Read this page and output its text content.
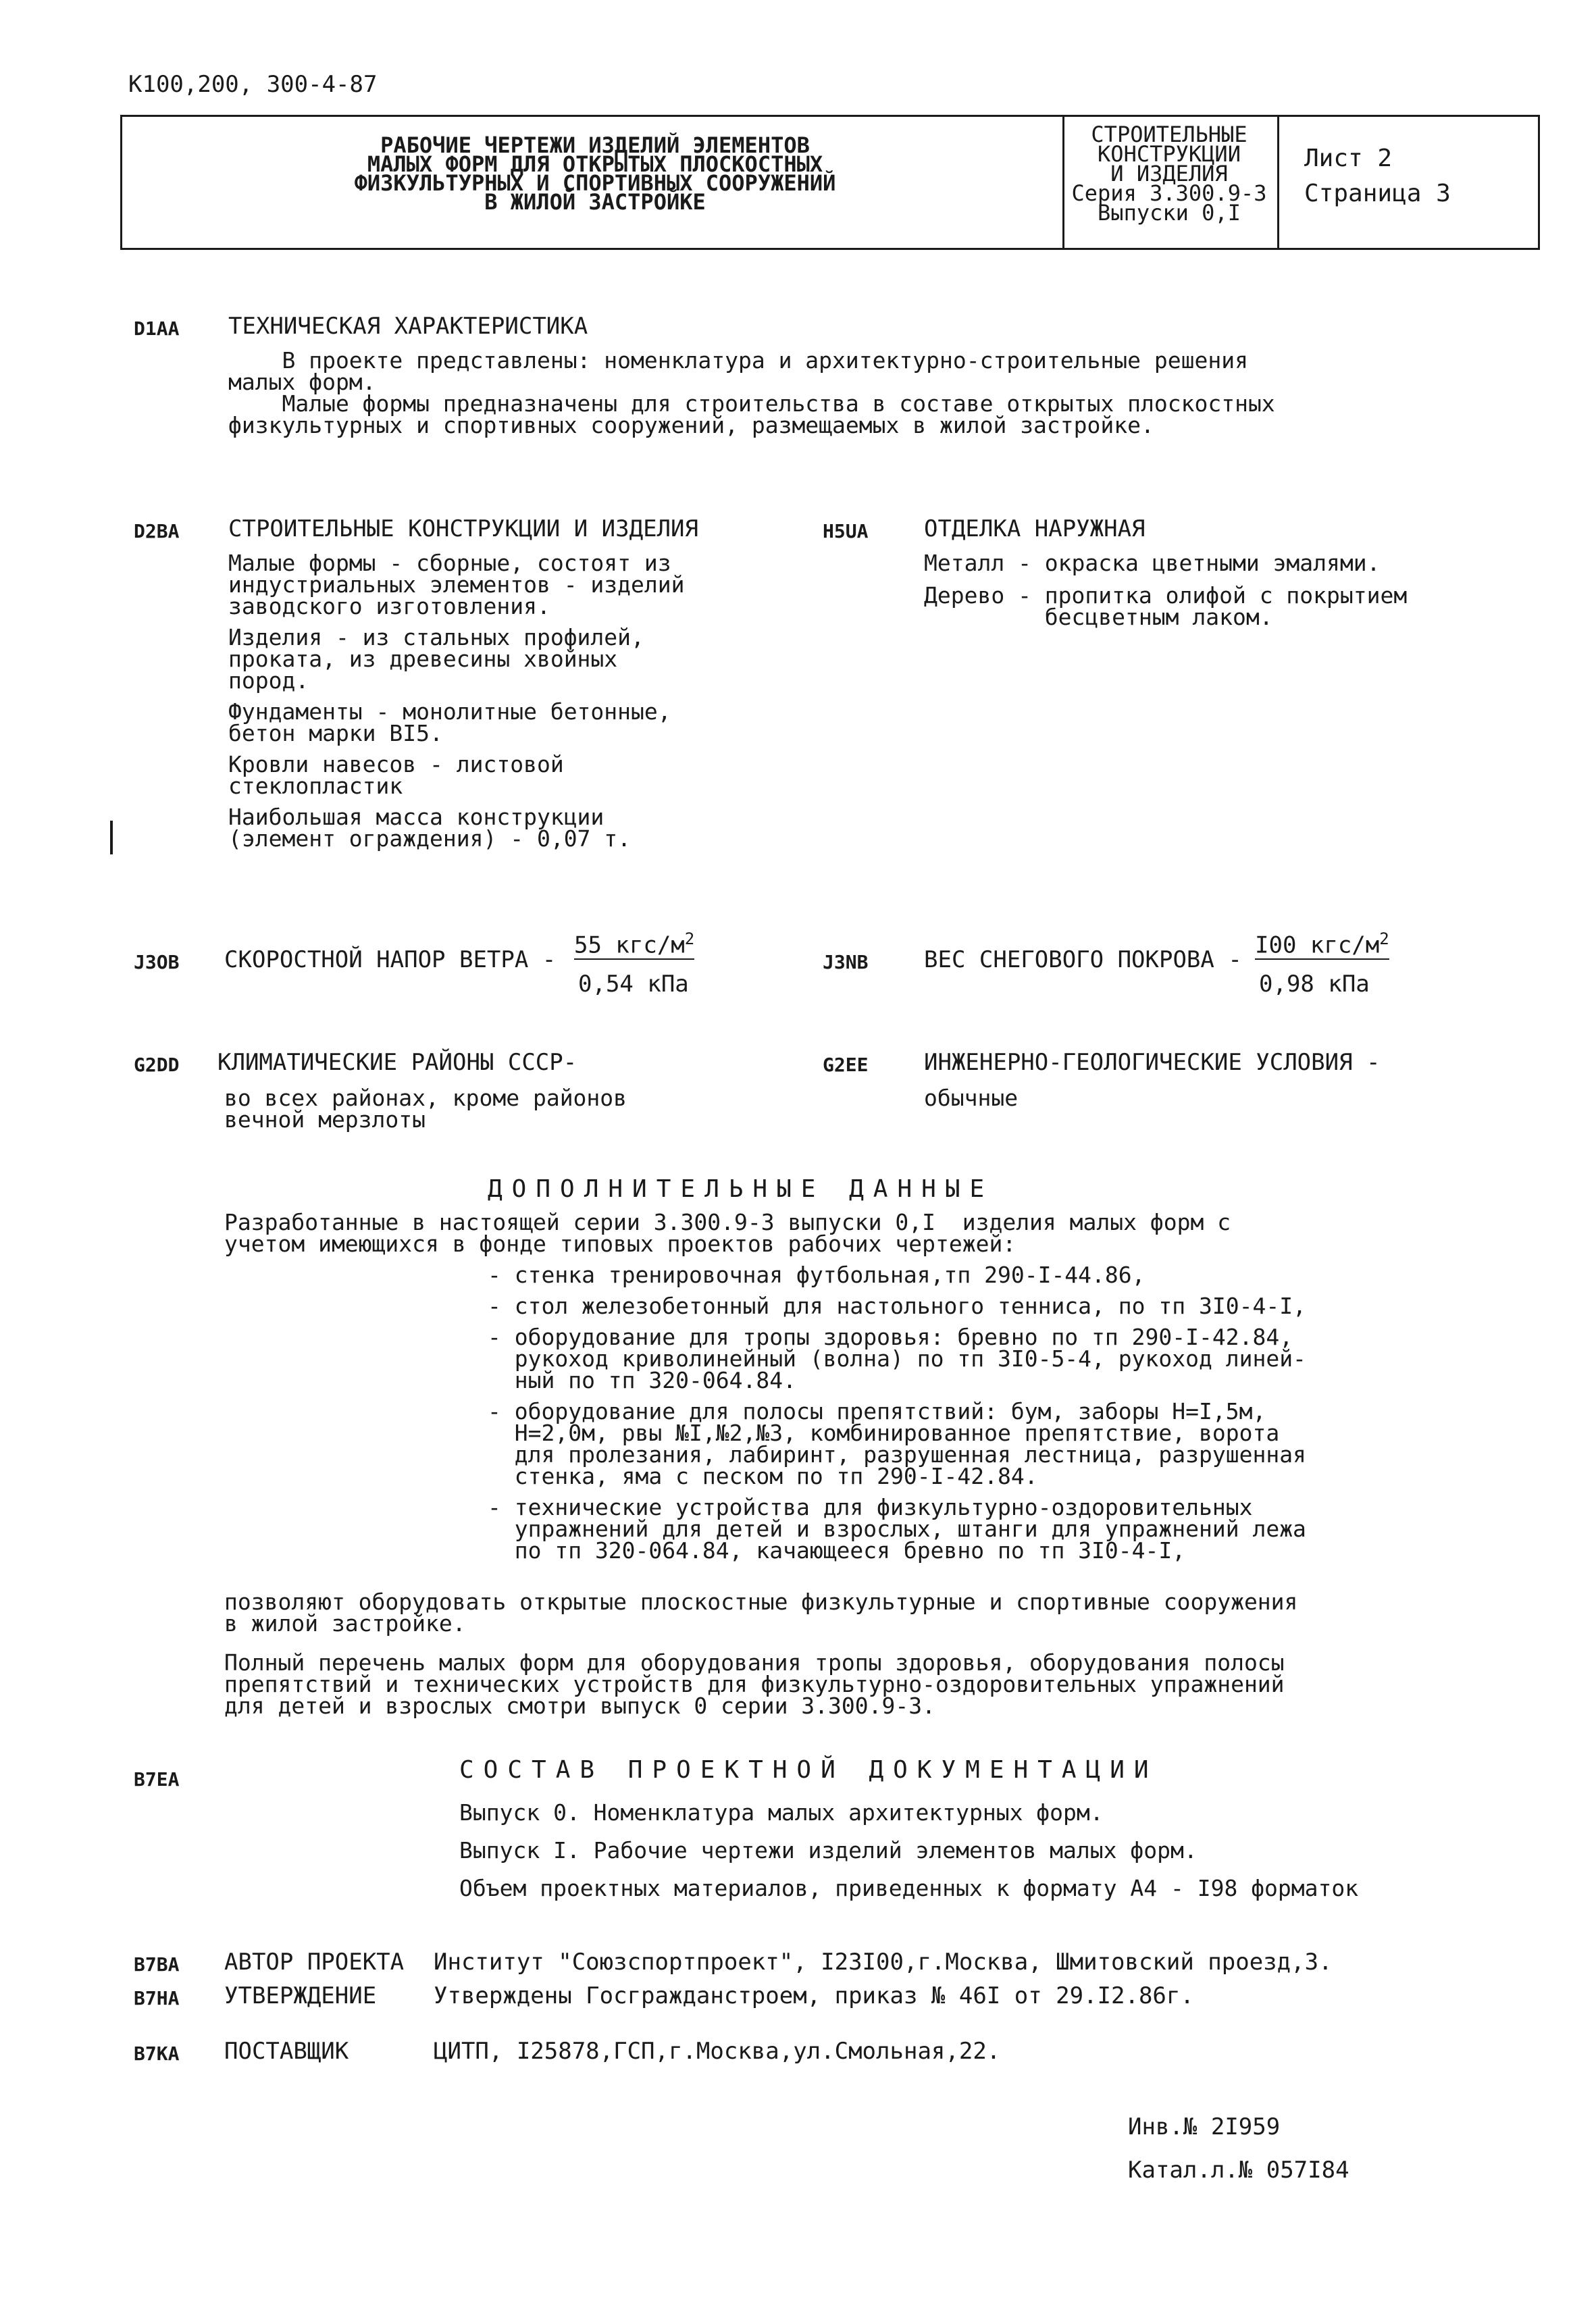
К100,200, 300-4-87
РАБОЧИЕ ЧЕРТЕЖИ ИЗДЕЛИЙ ЭЛЕМЕНТОВ
МАЛЫХ ФОРМ ДЛЯ ОТКРЫТЫХ ПЛОСКОСТНЫХ
ФИЗКУЛЬТУРНЫХ И СПОРТИВНЫХ СООРУЖЕНИЙ
В ЖИЛОЙ ЗАСТРОЙКЕ
СТРОИТЕЛЬНЫЕ
КОНСТРУКЦИИ
И ИЗДЕЛИЯ
Серия 3.300.9-3
Выпуски 0,I
Лист 2
Страница 3
D1AA ТЕХНИЧЕСКАЯ ХАРАКТЕРИСТИКА
В проекте представлены: номенклатура и архитектурно-строительные решения
малых форм.
Малые формы предназначены для строительства в составе открытых плоскостных
физкультурных и спортивных сооружений, размещаемых в жилой застройке.
D2BA СТРОИТЕЛЬНЫЕ КОНСТРУКЦИИ И ИЗДЕЛИЯ
Малые формы - сборные, состоят из
индустриальных элементов - изделий
заводского изготовления.
Изделия - из стальных профилей,
проката, из древесины хвойных
пород.
Фундаменты - монолитные бетонные,
бетон марки BI5.
Кровли навесов - листовой
стеклопластик
Наибольшая масса конструкции
(элемент ограждения) - 0,07 т.
H5UA ОТДЕЛКА НАРУЖНАЯ
Металл - окраска цветными эмалями.
Дерево - пропитка олифой с покрытием
бесцветным лаком.
J3OB СКОРОСТНОЙ НАПОР ВЕТРА -
55 кгс/$м^2$
0,54 кПа
J3NB ВЕС СНЕГОВОГО ПОКРОВА -
I00 кгс/$м^2$
0,98 кПа
G2DD КЛИМАТИЧЕСКИЕ РАЙОНЫ СССР-
во всех районах, кроме районов
вечной мерзлоты
G2EE ИНЖЕНЕРНО-ГЕОЛОГИЧЕСКИЕ УСЛОВИЯ -
обычные
ДОПОЛНИТЕЛЬНЫЕ ДАННЫЕ
Разработанные в настоящей серии 3.300.9-3 выпуски 0,I  изделия малых форм с
учетом имеющихся в фонде типовых проектов рабочих чертежей:
- стенка тренировочная футбольная,тп 290-I-44.86,
- стол железобетонный для настольного тенниса, по тп 3I0-4-I,
- оборудование для тропы здоровья: бревно по тп 290-I-42.84,
рукоход криволинейный (волна) по тп 3I0-5-4, рукоход линей-
ный по тп 320-064.84.
- оборудование для полосы препятствий: бум, заборы H=I,5м,
H=2,0м, рвы №I,№2,№3, комбинированное препятствие, ворота
для пролезания, лабиринт, разрушенная лестница, разрушенная
стенка, яма с песком по тп 290-I-42.84.
- технические устройства для физкультурно-оздоровительных
упражнений для детей и взрослых, штанги для упражнений лежа
по тп 320-064.84, качающееся бревно по тп 3I0-4-I,
позволяют оборудовать открытые плоскостные физкультурные и спортивные сооружения
в жилой застройке.
Полный перечень малых форм для оборудования тропы здоровья, оборудования полосы
препятствий и технических устройств для физкультурно-оздоровительных упражнений
для детей и взрослых смотри выпуск 0 серии 3.300.9-3.
B7EA	СОСТАВ ПРОЕКТНОЙ ДОКУМЕНТАЦИИ
Выпуск 0. Номенклатура малых архитектурных форм.
Выпуск I. Рабочие чертежи изделий элементов малых форм.
Объем проектных материалов, приведенных к формату А4 - I98 форматок
B7BA АВТОР ПРОЕКТА Институт "Союзспортпроект", I23I00,г.Москва, Шмитовский проезд,3.
B7HA УТВЕРЖДЕНИЕ Утверждены Госгражданстроем, приказ № 46I от 29.I2.86г.
B7KA ПОСТАВЩИК	ЦИТП, I25878,ГСП,г.Москва,ул.Смольная,22.
Инв.№ 2I959
Катал.л.№ 057I84
